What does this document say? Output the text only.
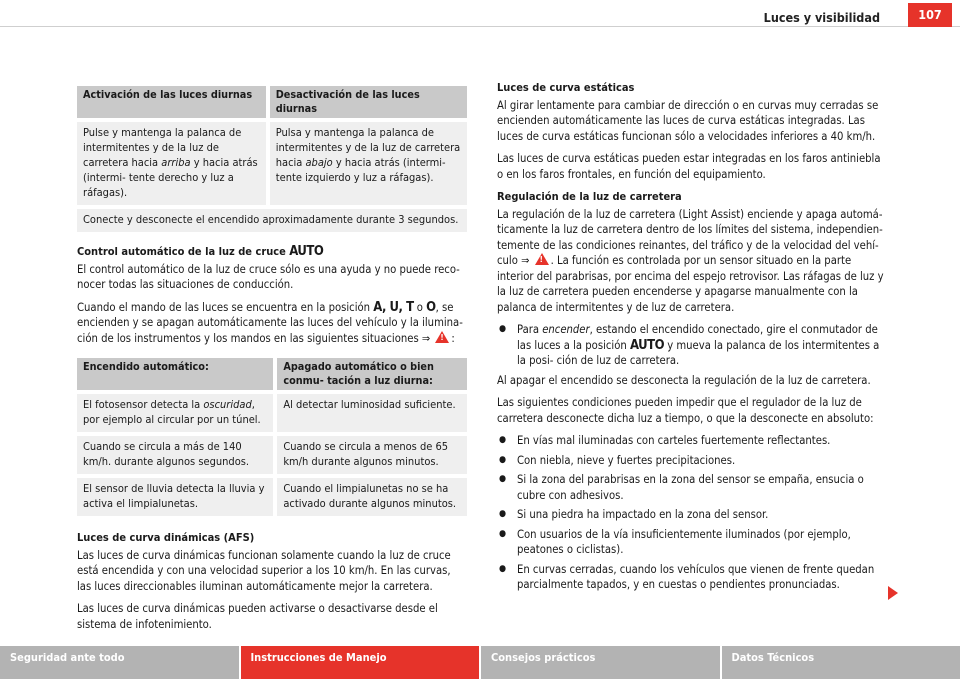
Luces y visibilidad	107
Activación de las luces diurnas	Desactivación de las luces diurnas
Pulse y mantenga la palanca de intermitentes y de la luz de carretera hacia arriba y hacia atrás (intermi- tente derecho y luz a ráfagas).	Pulsa y mantenga la palanca de intermitentes y de la luz de carretera hacia abajo y hacia atrás (intermi- tente izquierdo y luz a ráfagas).
Conecte y desconecte el encendido aproximadamente durante 3 segundos.	
Control automático de la luz de cruce AUTO

El control automático de la luz de cruce sólo es una ayuda y no puede reco- nocer todas las situaciones de conducción.

Cuando el mando de las luces se encuentra en la posición A, U, T o O, se encienden y se apagan automáticamente las luces del vehículo y la ilumina- ción de los instrumentos y los mandos en las siguientes situaciones ⇒ ! :

Encendido automático:	Apagado automático o bien conmu- tación a luz diurna:
El fotosensor detecta la oscuridad, por ejemplo al circular por un túnel.	Al detectar luminosidad suficiente.
Cuando se circula a más de 140 km/h. durante algunos segundos.	Cuando se circula a menos de 65 km/h durante algunos minutos.
El sensor de lluvia detecta la lluvia y activa el limpialunetas.	Cuando el limpialunetas no se ha activado durante algunos minutos.
Luces de curva dinámicas (AFS)

Las luces de curva dinámicas funcionan solamente cuando la luz de cruce está encendida y con una velocidad superior a los 10 km/h. En las curvas, las luces direccionables iluminan automáticamente mejor la carretera.

Las luces de curva dinámicas pueden activarse o desactivarse desde el sistema de infotenimiento.

Luces de curva estáticas

Al girar lentamente para cambiar de dirección o en curvas muy cerradas se encienden automáticamente las luces de curva estáticas integradas. Las luces de curva estáticas funcionan sólo a velocidades inferiores a 40 km/h.

Las luces de curva estáticas pueden estar integradas en los faros antiniebla o en los faros frontales, en función del equipamiento.

Regulación de la luz de carretera

La regulación de la luz de carretera (Light Assist) enciende y apaga automá- ticamente la luz de carretera dentro de los límites del sistema, independien- temente de las condiciones reinantes, del tráfico y de la velocidad del vehí- culo ⇒ ! . La función es controlada por un sensor situado en la parte interior del parabrisas, por encima del espejo retrovisor. Las ráfagas de luz y la luz de carretera pueden encenderse y apagarse manualmente con la palanca de intermitentes y de luz de carretera.

● Para encender, estando el encendido conectado, gire el conmutador de las luces a la posición AUTO y mueva la palanca de los intermitentes a la posi- ción de luz de carretera.

Al apagar el encendido se desconecta la regulación de la luz de carretera.

Las siguientes condiciones pueden impedir que el regulador de la luz de carretera desconecte dicha luz a tiempo, o que la desconecte en absoluto:

● En vías mal iluminadas con carteles fuertemente reflectantes.
● Con niebla, nieve y fuertes precipitaciones.
● Si la zona del parabrisas en la zona del sensor se empaña, ensucia o cubre con adhesivos.
● Si una piedra ha impactado en la zona del sensor.
● Con usuarios de la vía insuficientemente iluminados (por ejemplo, peatones o ciclistas).
● En curvas cerradas, cuando los vehículos que vienen de frente quedan parcialmente tapados, y en cuestas o pendientes pronunciadas.
Seguridad ante todo	Instrucciones de Manejo	Consejos prácticos	Datos Técnicos
